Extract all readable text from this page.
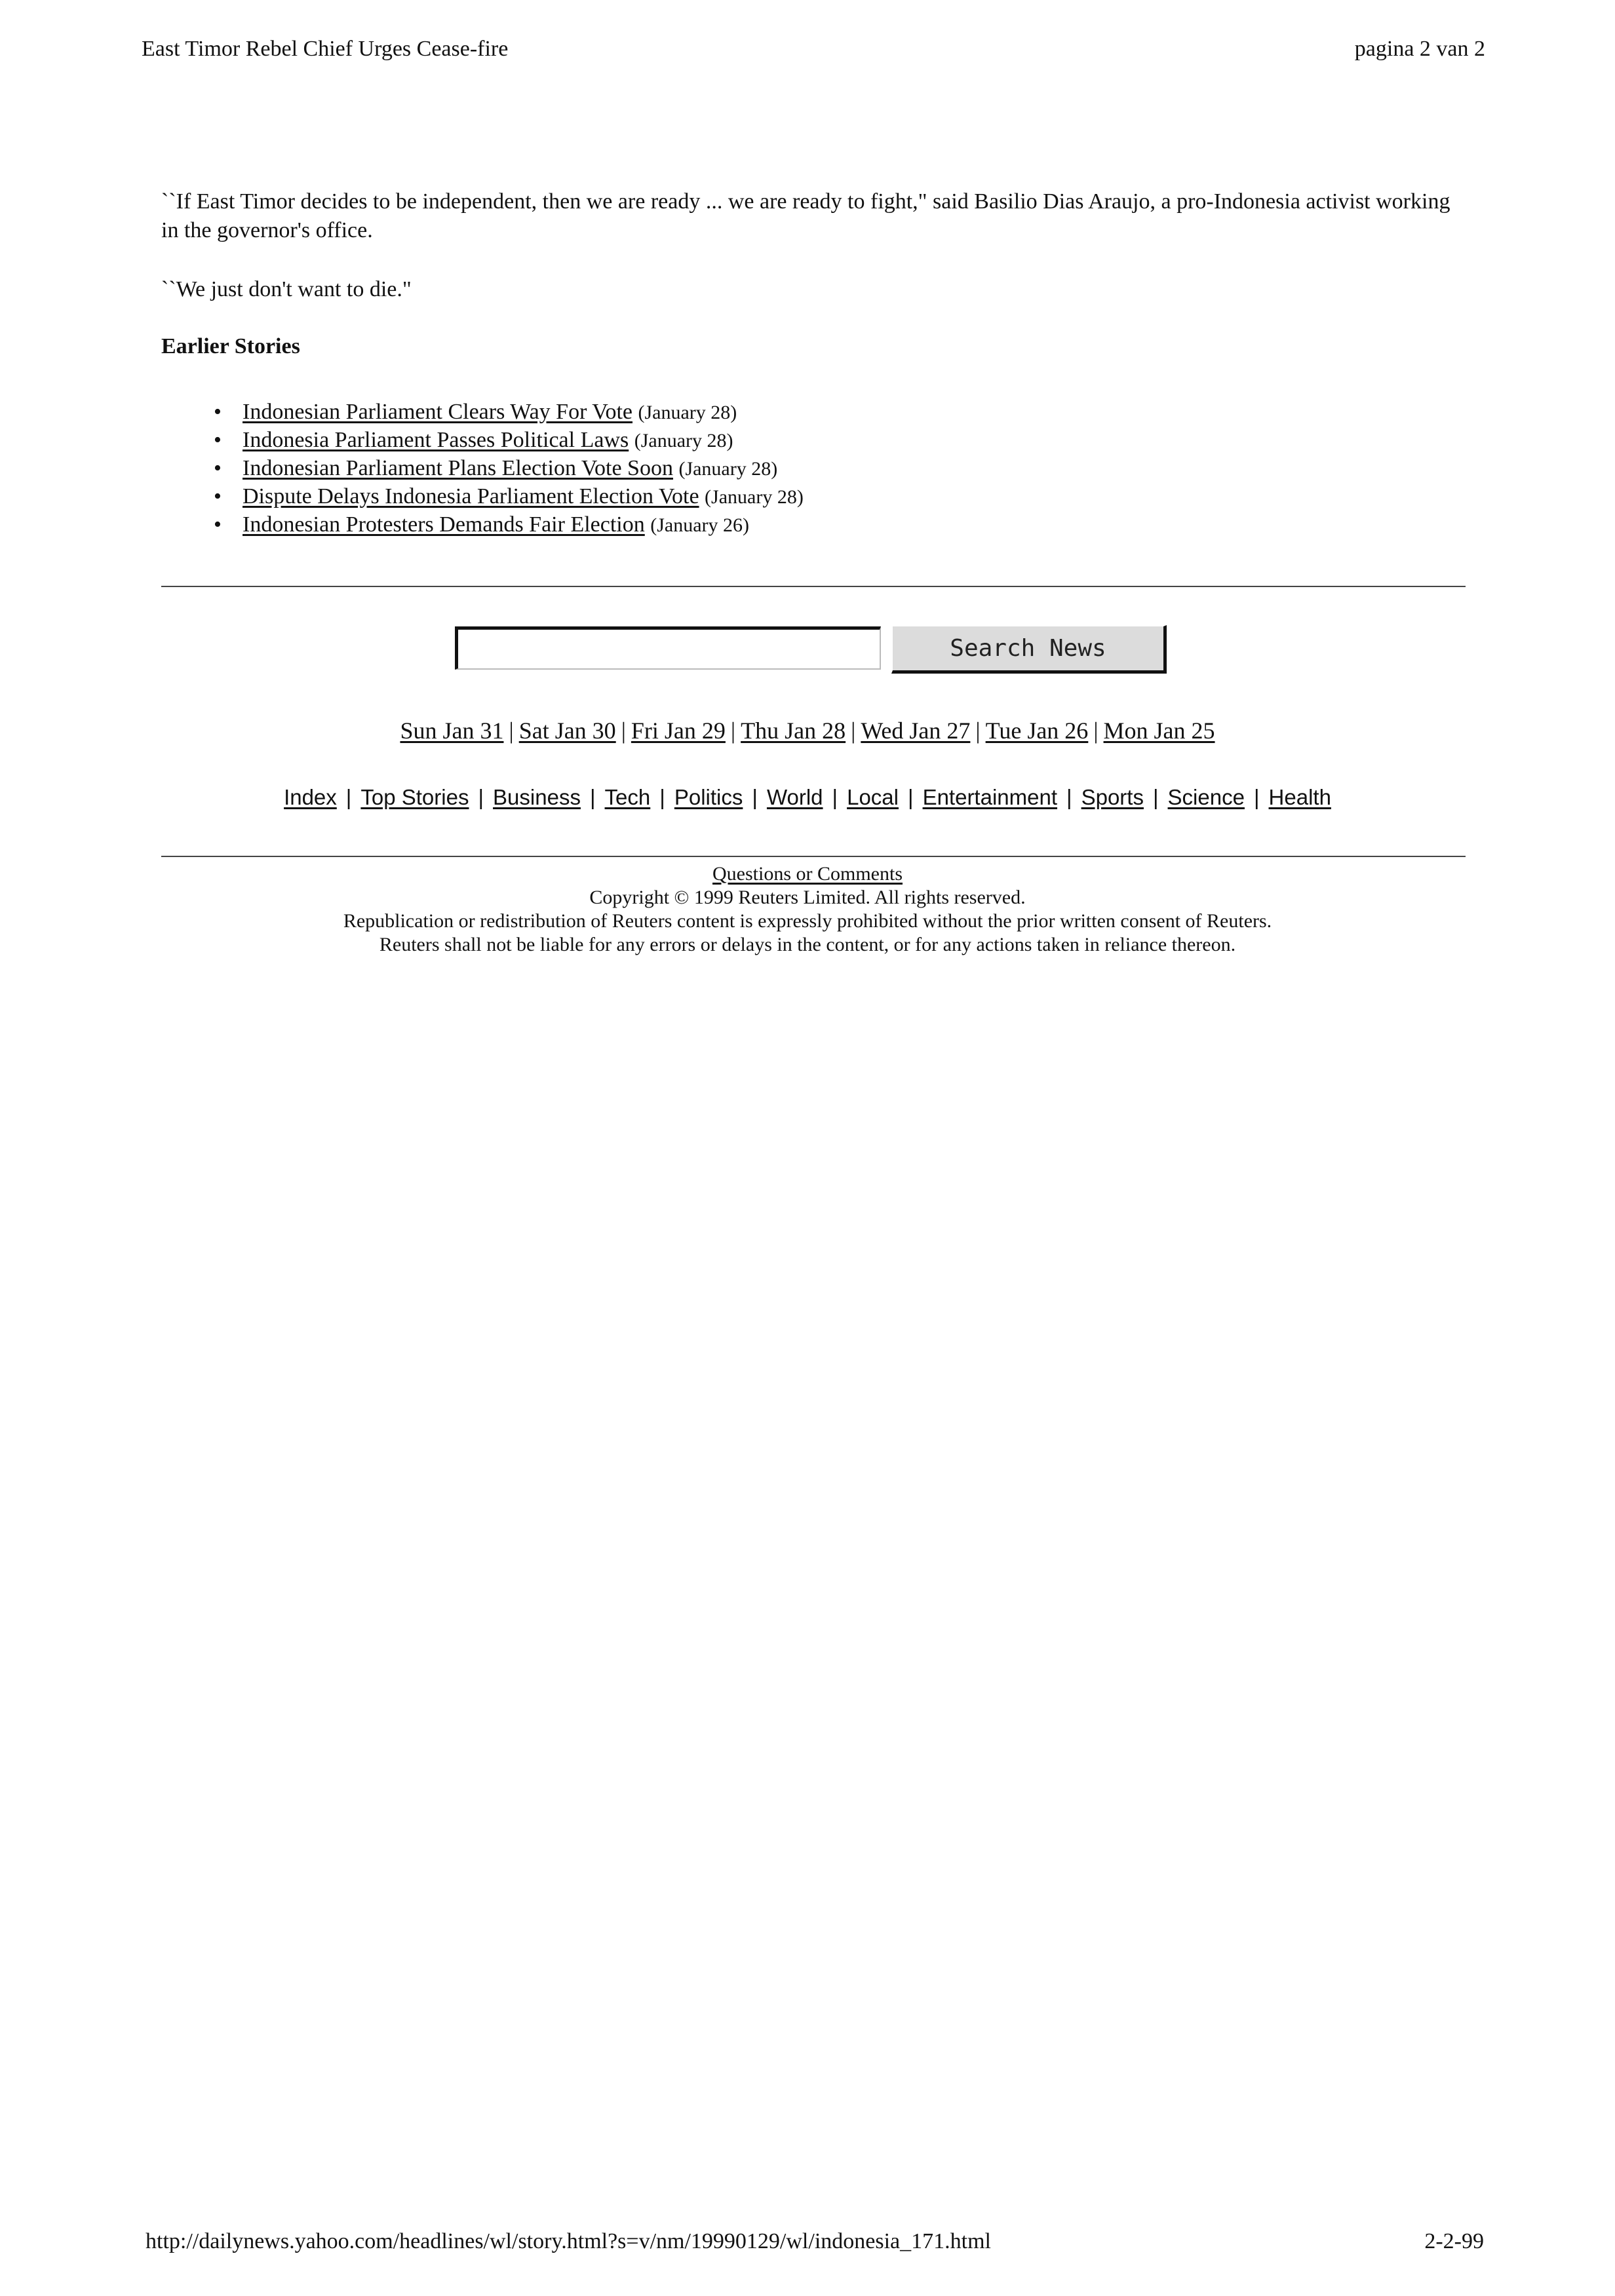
East Timor Rebel Chief Urges Cease-fire	pagina 2 van 2

``If East Timor decides to be independent, then we are ready ... we are ready to fight," said Basilio Dias Araujo, a pro-Indonesia activist working in the governor's office.

``We just don't want to die."

Earlier Stories
• Indonesian Parliament Clears Way For Vote (January 28)
• Indonesia Parliament Passes Political Laws (January 28)
• Indonesian Parliament Plans Election Vote Soon (January 28)
• Dispute Delays Indonesia Parliament Election Vote (January 28)
• Indonesian Protesters Demands Fair Election (January 26)
Search News
Sun Jan 31 | Sat Jan 30 | Fri Jan 29 | Thu Jan 28 | Wed Jan 27 | Tue Jan 26 | Mon Jan 25
Index | Top Stories | Business | Tech | Politics | World | Local | Entertainment | Sports | Science | Health
Questions or Comments
Copyright © 1999 Reuters Limited. All rights reserved.
Republication or redistribution of Reuters content is expressly prohibited without the prior written consent of Reuters.
Reuters shall not be liable for any errors or delays in the content, or for any actions taken in reliance thereon.
http://dailynews.yahoo.com/headlines/wl/story.html?s=v/nm/19990129/wl/indonesia_171.html	2-2-99
